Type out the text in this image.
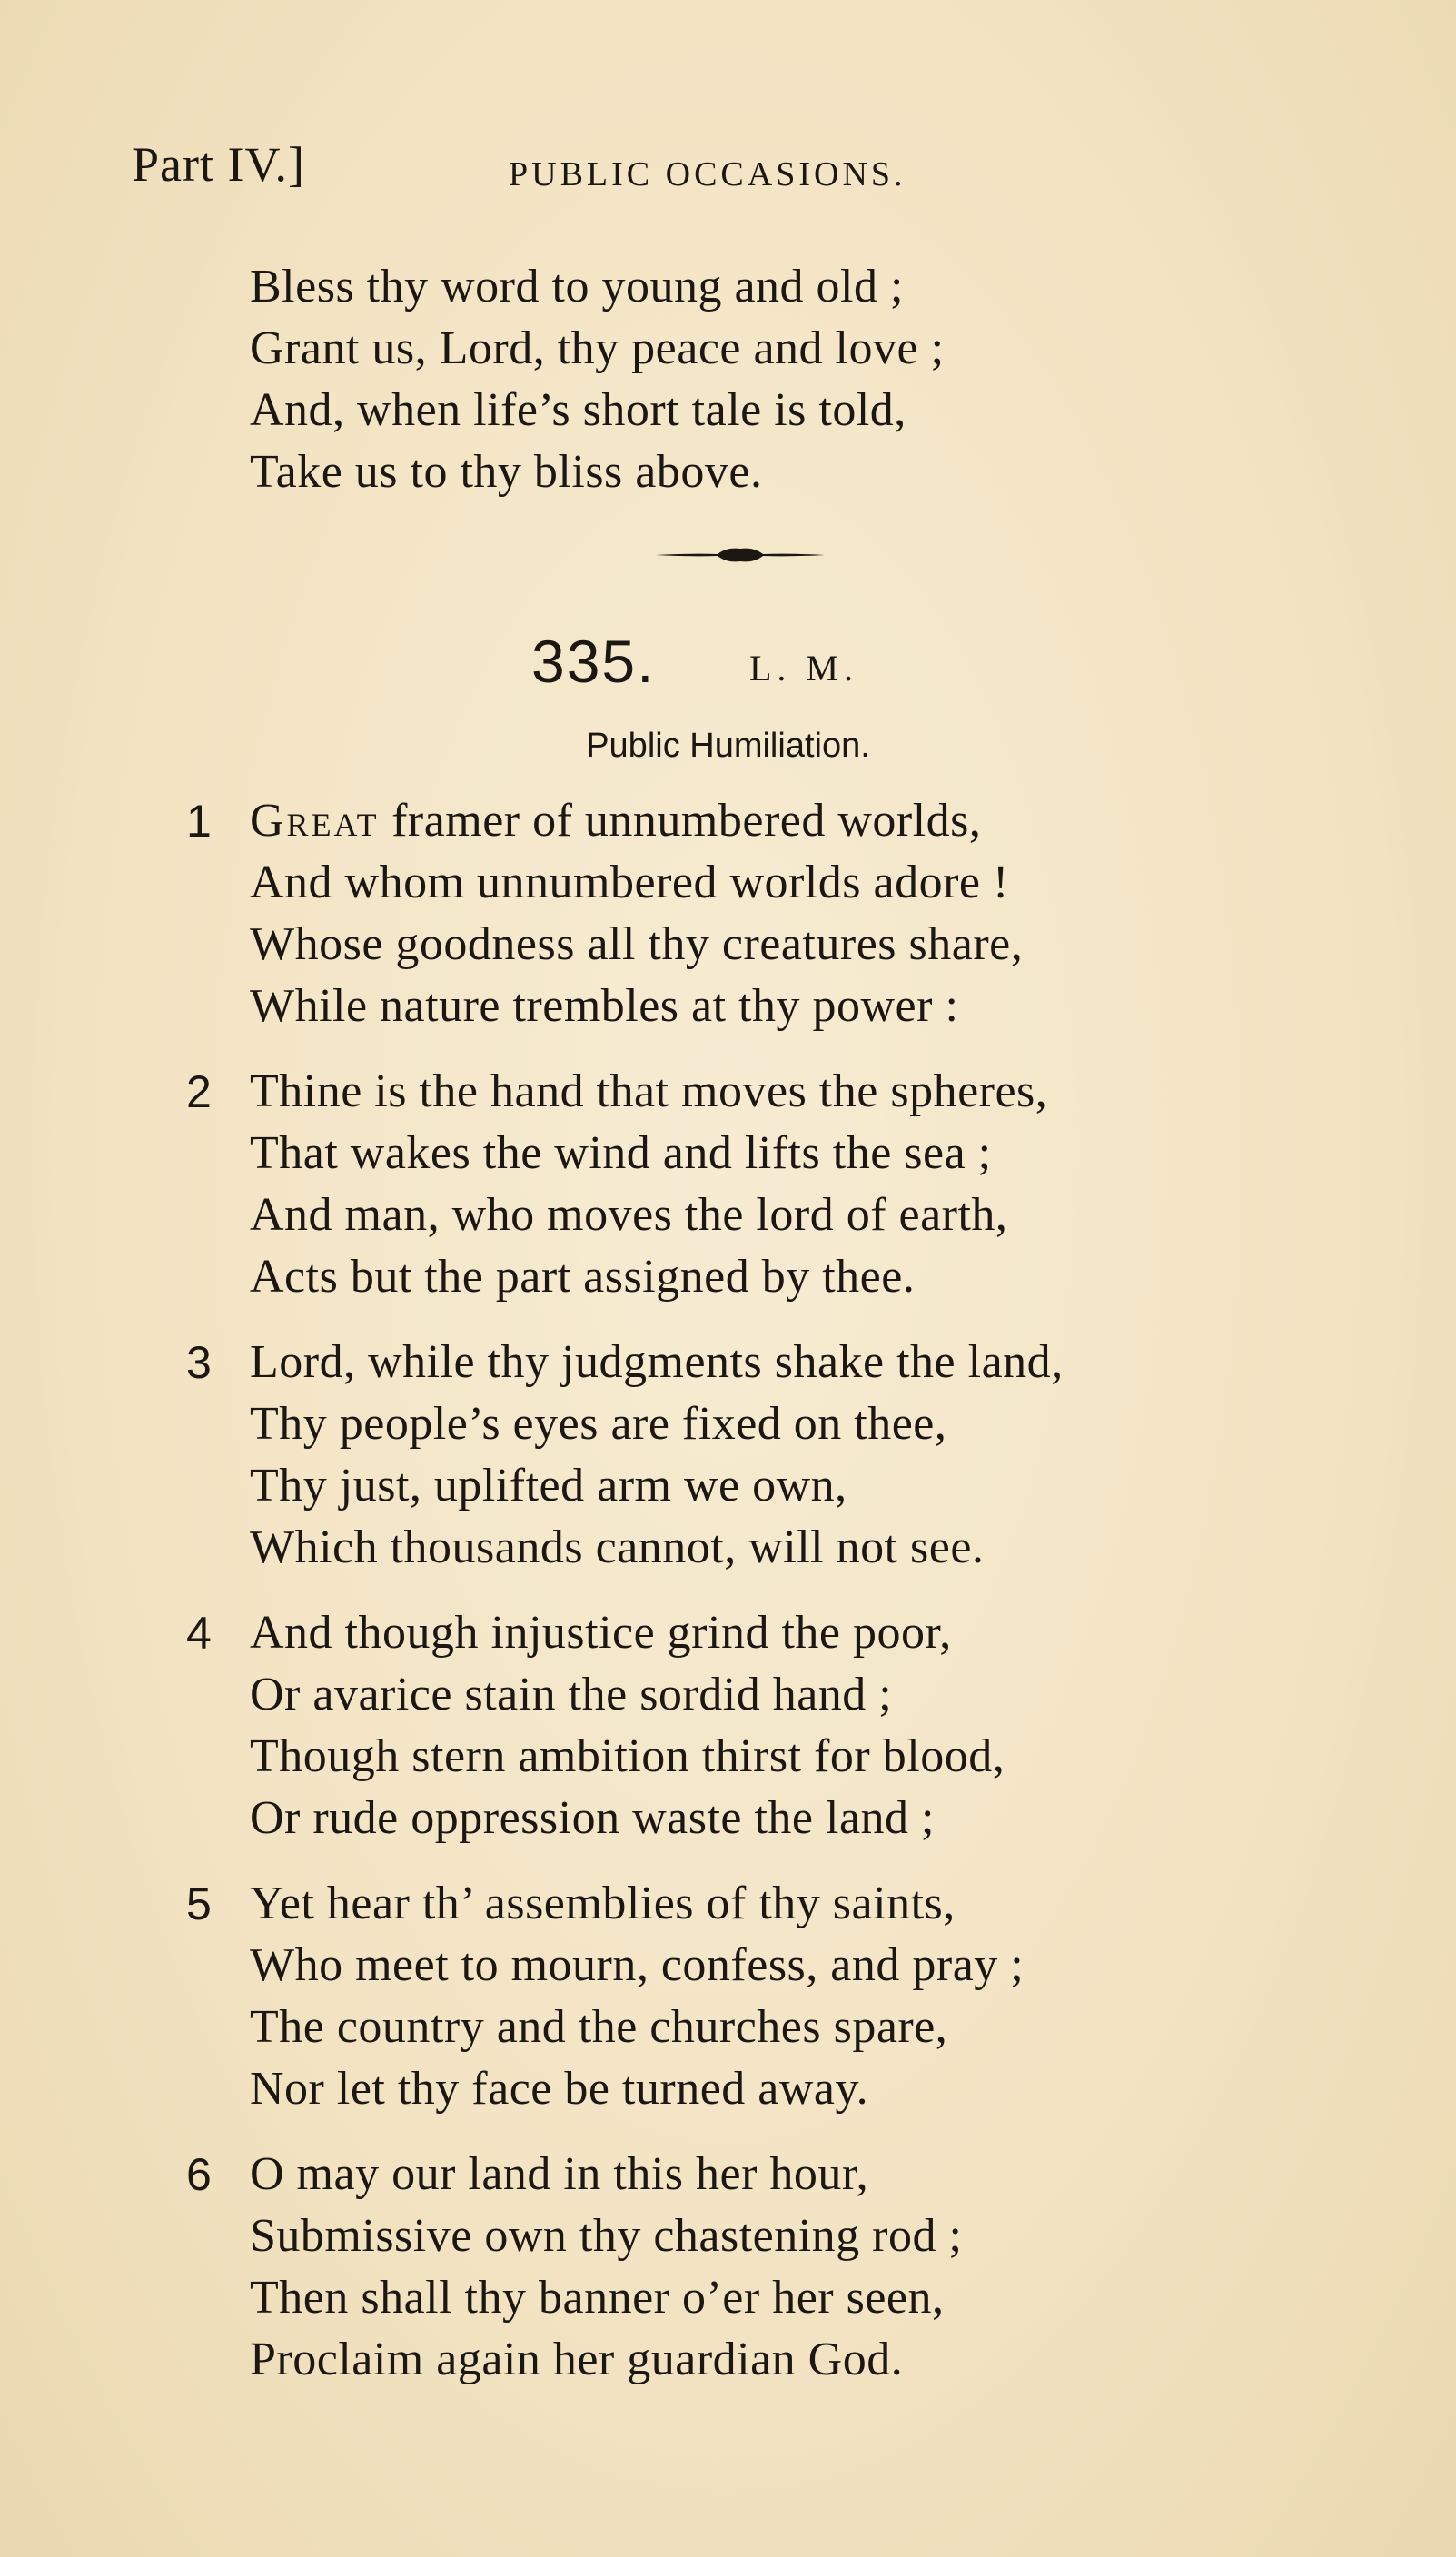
Part IV.]	PUBLIC OCCASIONS.
Bless thy word to young and old ;
Grant us, Lord, thy peace and love ;
And, when life’s short tale is told,
Take us to thy bliss above.
335.	L. M.
Public Humiliation.
1 Great framer of unnumbered worlds,
And whom unnumbered worlds adore !
Whose goodness all thy creatures share,
While nature trembles at thy power :
2 Thine is the hand that moves the spheres,
That wakes the wind and lifts the sea ;
And man, who moves the lord of earth,
Acts but the part assigned by thee.
3 Lord, while thy judgments shake the land,
Thy people’s eyes are fixed on thee,
Thy just, uplifted arm we own,
Which thousands cannot, will not see.
4 And though injustice grind the poor,
Or avarice stain the sordid hand ;
Though stern ambition thirst for blood,
Or rude oppression waste the land ;
5 Yet hear th’ assemblies of thy saints,
Who meet to mourn, confess, and pray ;
The country and the churches spare,
Nor let thy face be turned away.
6 O may our land in this her hour,
Submissive own thy chastening rod ;
Then shall thy banner o’er her seen,
Proclaim again her guardian God.
